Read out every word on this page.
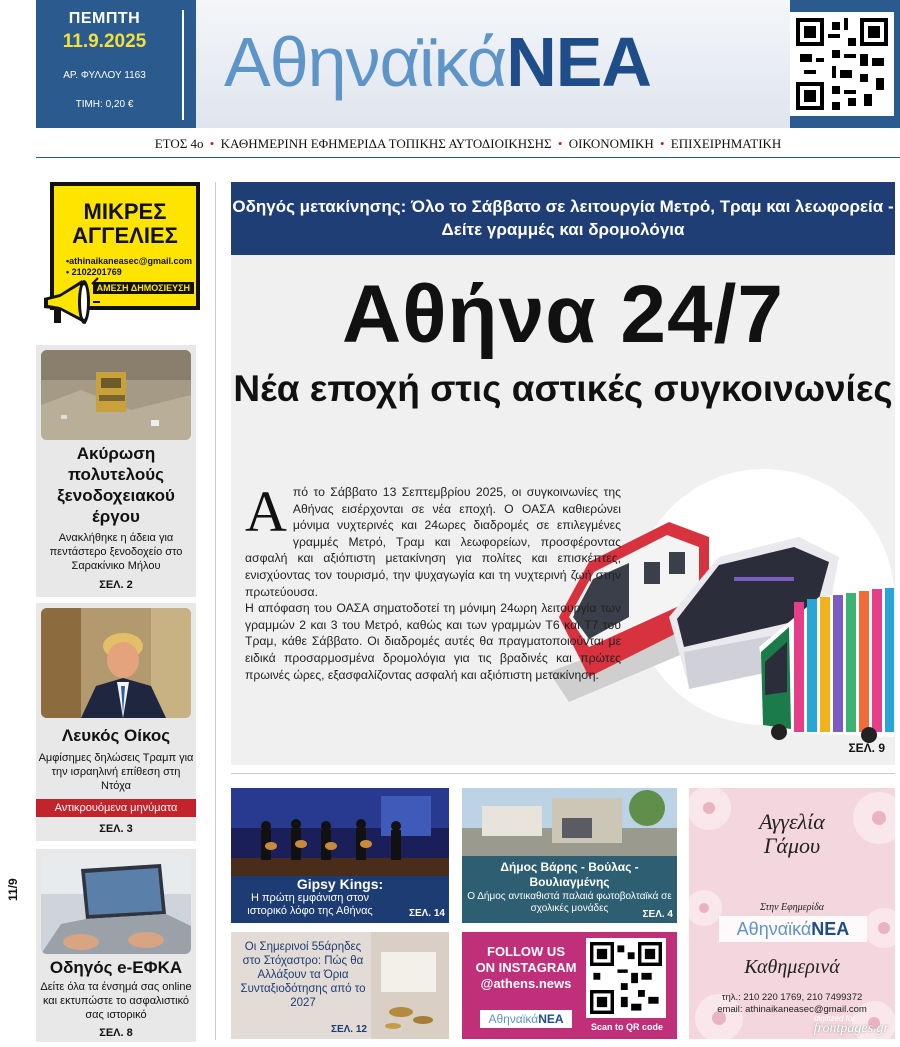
ΠΕΜΠΤΗ
11.9.2025
ΑΡ. ΦΥΛΛΟΥ 1163
ΤΙΜΗ: 0,20 €
ΑθηναϊκάΝΕΑ
ΕΤΟΣ 4ο • ΚΑΘΗΜΕΡΙΝΗ ΕΦΗΜΕΡΙΔΑ ΤΟΠΙΚΗΣ ΑΥΤΟΔΙΟΙΚΗΣΗΣ • ΟΙΚΟΝΟΜΙΚΗ • ΕΠΙΧΕΙΡΗΜΑΤΙΚΗ
ΜΙΚΡΕΣ
ΑΓΓΕΛΙΕΣ
•athinaikaneasec@gmail.com
• 2102201769
ΑΜΕΣΗ ΔΗΜΟΣΙΕΥΣΗ
Ακύρωση πολυτελούς ξενοδοχειακού έργου
Ανακλήθηκε η άδεια για πεντάστερο ξενοδοχείο στο Σαρακίνικο Μήλου
ΣΕΛ. 2
Λευκός Οίκος
Αμφίσημες δηλώσεις Τραμπ για την ισραηλινή επίθεση στη Ντόχα
Αντικρουόμενα μηνύματα
ΣΕΛ. 3
Οδηγός e-ΕΦΚΑ
Δείτε όλα τα ένσημά σας online και εκτυπώστε το ασφαλιστικό σας ιστορικό
ΣΕΛ. 8
11/9
Οδηγός μετακίνησης: Όλο το Σάββατο σε λειτουργία Μετρό, Τραμ και λεωφορεία - Δείτε γραμμές και δρομολόγια
Αθήνα 24/7
Νέα εποχή στις αστικές συγκοινωνίες
Α πό το Σάββατο 13 Σεπτεμβρίου 2025, οι συγκοινωνίες της Αθήνας εισέρχονται σε νέα εποχή. Ο ΟΑΣΑ καθιερώνει μόνιμα νυχτερινές και 24ωρες διαδρομές σε επιλεγμένες γραμμές Μετρό, Τραμ και λεωφορείων, προσφέροντας ασφαλή και αξιόπιστη μετακίνηση για πολίτες και επισκέπτες, ενισχύοντας τον τουρισμό, την ψυχαγωγία και τη νυχτερινή ζωή στην πρωτεύουσα.
Η απόφαση του ΟΑΣΑ σηματοδοτεί τη μόνιμη 24ωρη λειτουργία των γραμμών 2 και 3 του Μετρό, καθώς και των γραμμών Τ6 και Τ7 του Τραμ, κάθε Σάββατο. Οι διαδρομές αυτές θα πραγματοποιούνται με ειδικά προσαρμοσμένα δρομολόγια για τις βραδινές και πρώτες πρωινές ώρες, εξασφαλίζοντας ασφαλή και αξιόπιστη μετακίνηση.
ΣΕΛ. 9
Gipsy Kings:
Η πρώτη εμφάνιση στον ιστορικό λόφο της Αθήνας	ΣΕΛ. 14
Δήμος Βάρης - Βούλας - Βουλιαγμένης
Ο Δήμος αντικαθιστά παλαιά φωτοβολταϊκά σε σχολικές μονάδες
ΣΕΛ. 4
Οι Σημερινοί 55άρηδες στο Στόχαστρο: Πώς θα Αλλάξουν τα Όρια Συνταξιοδότησης από το 2027
ΣΕΛ. 12
FOLLOW US
ON INSTAGRAM
@athens.news
ΑθηναϊκάΝΕΑ
Scan to QR code
Αγγελία Γάμου
Στην Εφημερίδα
ΑθηναϊκάΝΕΑ
Καθημερινά
τηλ.: 210 220 1769, 210 7499372
email: athinaikaneasec@gmail.com
digitized for
frontpages.gr
